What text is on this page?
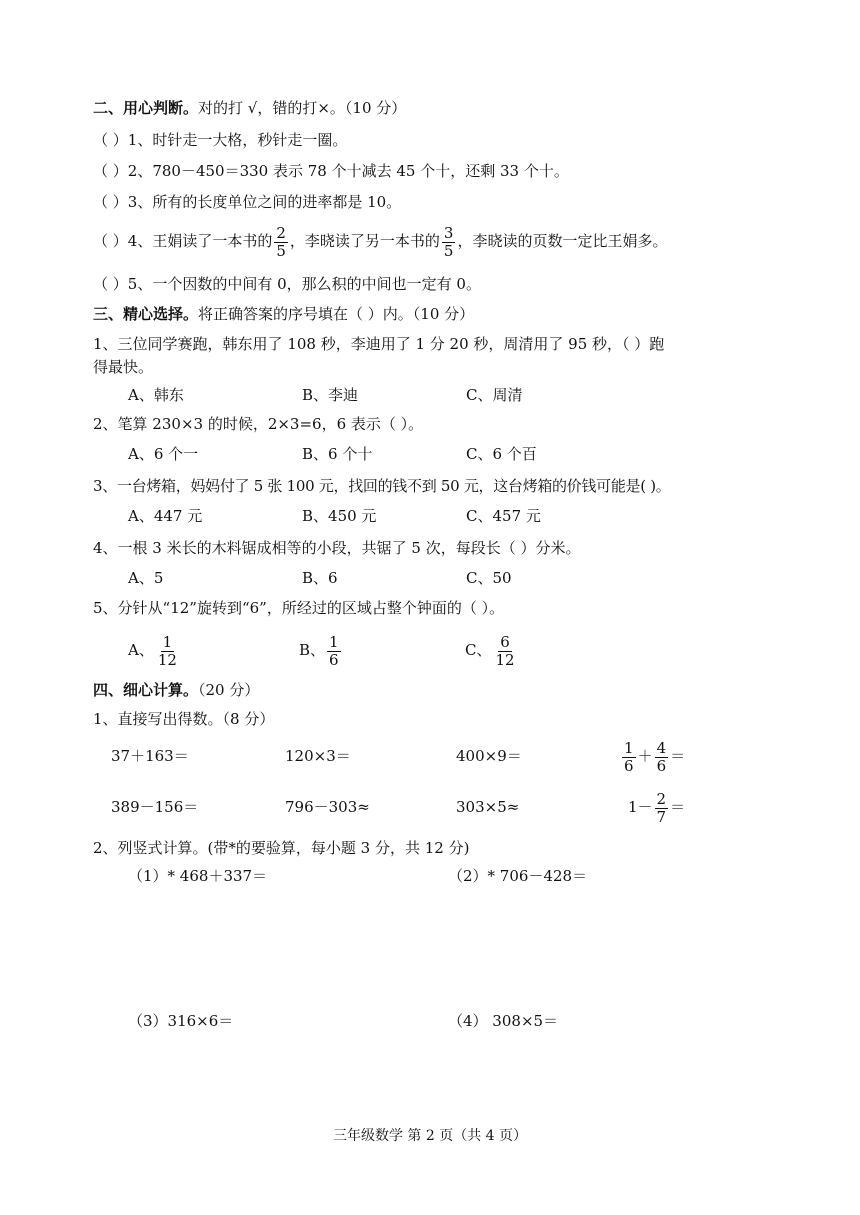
二、用心判断。对的打 √，错的打×。（10 分）
（ ）1、时针走一大格，秒针走一圈。
（ ）2、780－450＝330 表示 78 个十减去 45 个十，还剩 33 个十。
（ ）3、所有的长度单位之间的进率都是 10。
（ ）4、王娟读了一本书的 $\frac{2}{5}$ ，李晓读了另一本书的 $\frac{3}{5}$ ，李晓读的页数一定比王娟多。
（ ）5、一个因数的中间有 0，那么积的中间也一定有 0。
三、精心选择。将正确答案的序号填在（ ）内。（10 分）
1、三位同学赛跑，韩东用了 108 秒，李迪用了 1 分 20 秒，周清用了 95 秒，（ ）跑
得最快。
A、韩东	B、李迪	C、周清
2、笔算 230×3 的时候，2×3=6，6 表示（ ）。
A、6 个一	B、6 个十	C、6 个百
3、一台烤箱，妈妈付了 5 张 100 元，找回的钱不到 50 元，这台烤箱的价钱可能是( )。
A、447 元	B、450 元	C、457 元
4、一根 3 米长的木料锯成相等的小段，共锯了 5 次，每段长（ ）分米。
A、5	B、6	C、50
5、分针从“12”旋转到“6”，所经过的区域占整个钟面的（ ）。
A、 $\frac{1}{12}$	B、 $\frac{1}{6}$	C、 $\frac{6}{12}$
四、细心计算。（20 分）
1、直接写出得数。（8 分）
37＋163＝	120×3＝	400×9＝	$\frac{1}{6} + \frac{4}{6}$ ＝
389－156＝	796－303≈	303×5≈	$1- \frac{2}{7}$ ＝
2、列竖式计算。(带*的要验算，每小题 3 分，共 12 分)
（1）* 468＋337＝	（2）* 706－428＝
（3）316×6＝	（4） 308×5＝
三年级数学 第 2 页（共 4 页）
